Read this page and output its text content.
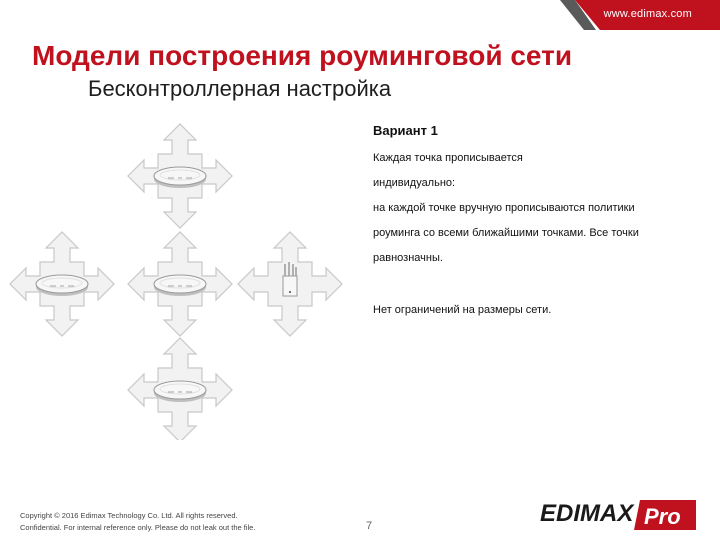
www.edimax.com
Модели построения роуминговой сети
Бесконтроллерная настройка
Вариант 1
Каждая точка прописывается
индивидуально:
на каждой точке вручную прописываются политики
роуминга со всеми ближайшими точками. Все точки
равнозначны.
Нет ограничений на размеры сети.
Copyright © 2016 Edimax Technology Co. Ltd. All rights reserved.
Confidential. For internal reference only. Please do not leak out the file.	7	EDIMAX Pro
